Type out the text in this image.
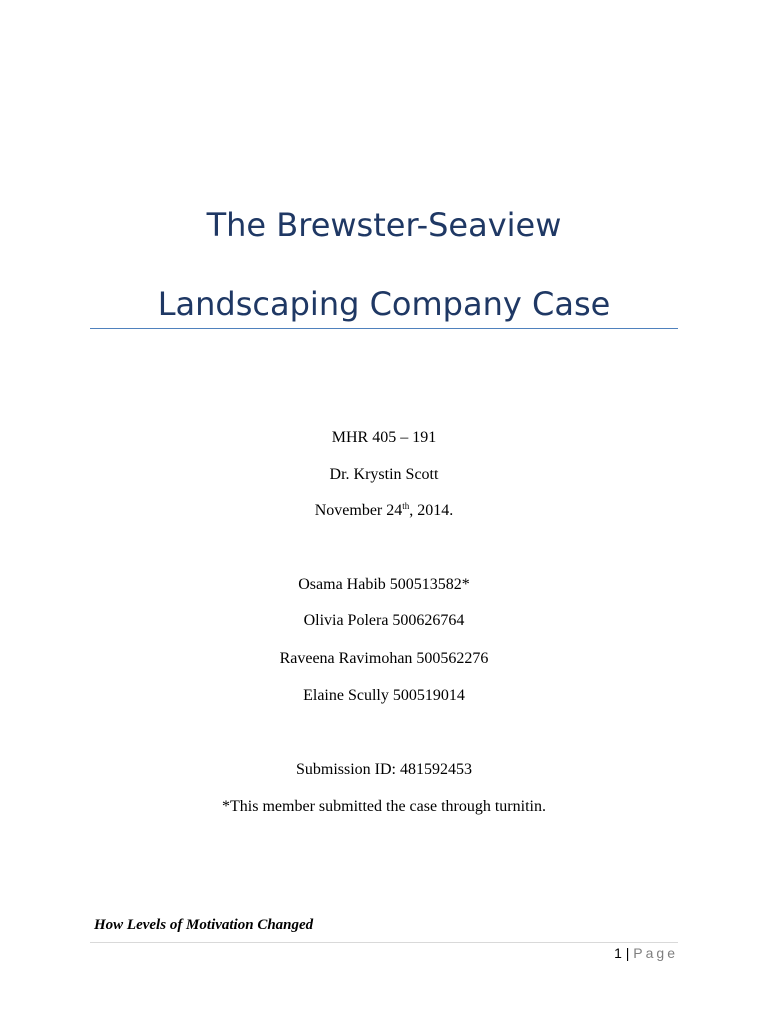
The Brewster-Seaview
Landscaping Company Case
MHR 405 – 191
Dr. Krystin Scott
November 24th, 2014.
Osama Habib 500513582*
Olivia Polera 500626764
Raveena Ravimohan 500562276
Elaine Scully 500519014
Submission ID: 481592453
*This member submitted the case through turnitin.
How Levels of Motivation Changed
1 | Page
